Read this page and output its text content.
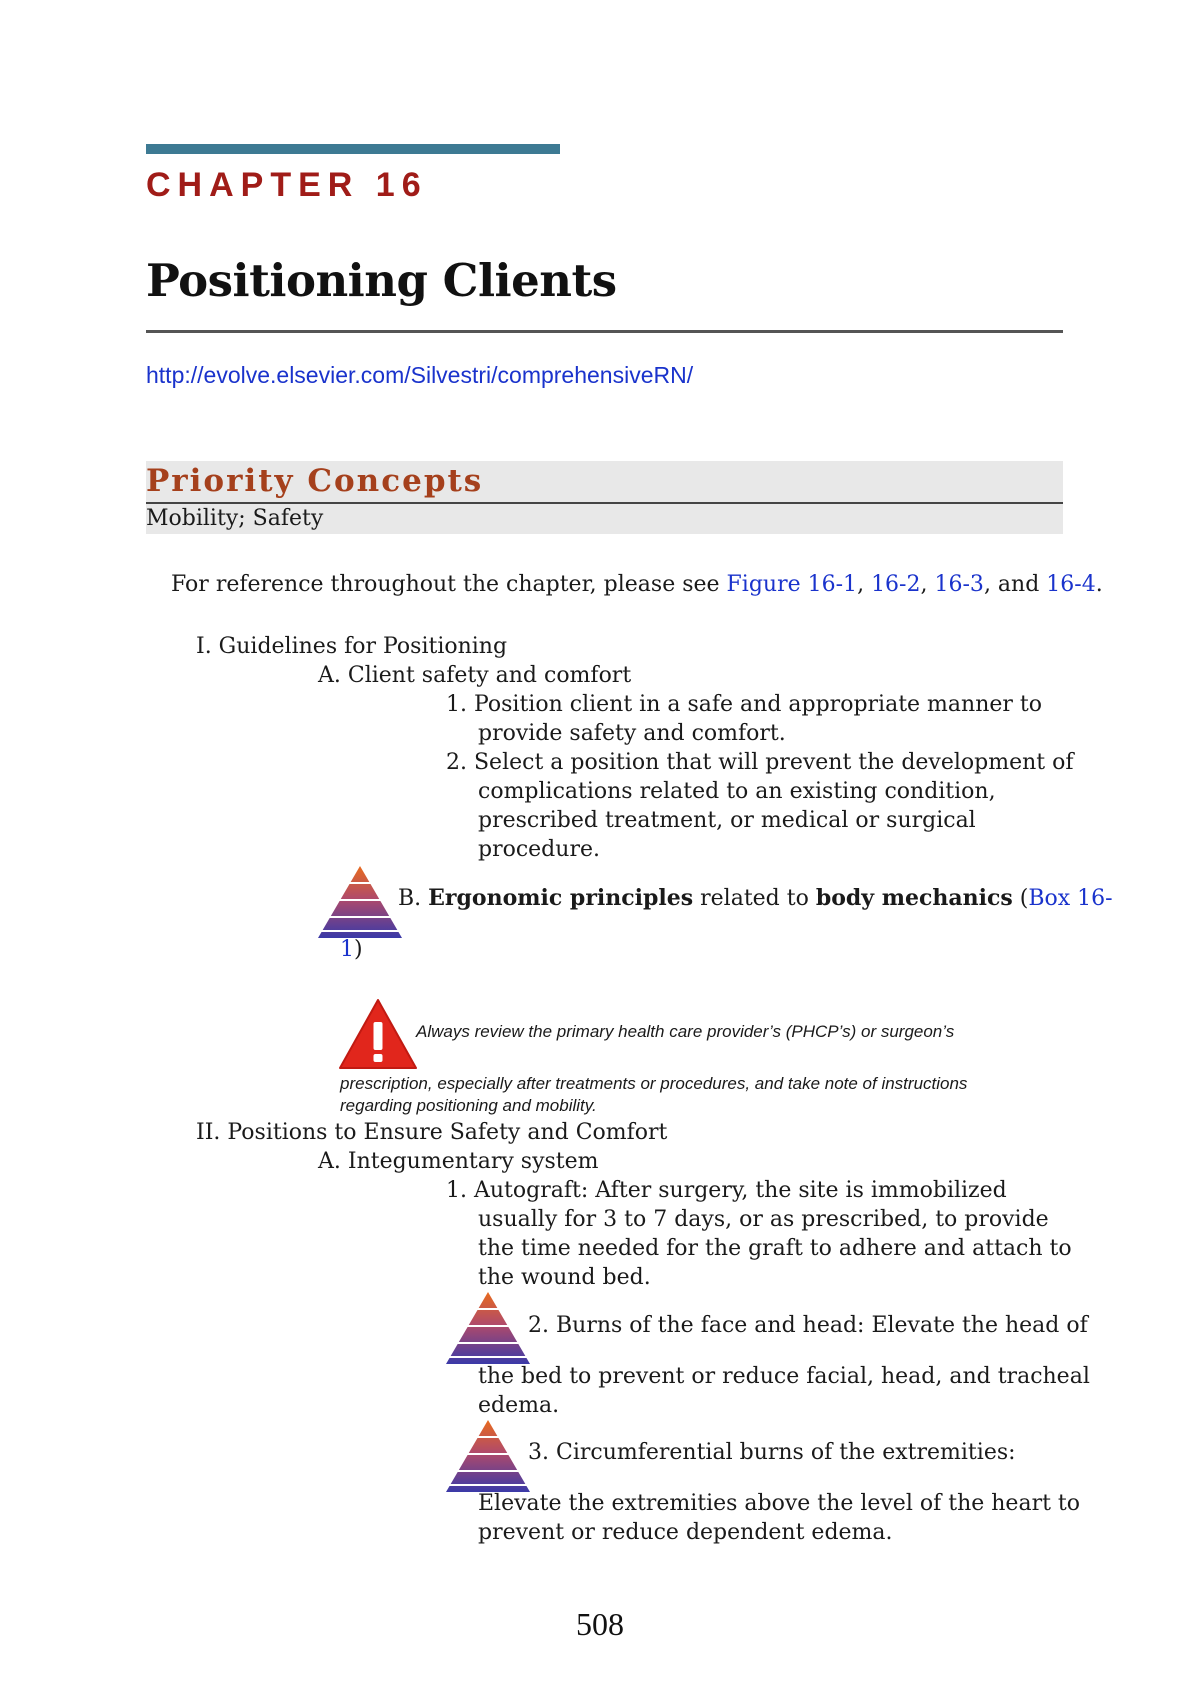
CHAPTER 16
Positioning Clients
http://evolve.elsevier.com/Silvestri/comprehensiveRN/
Priority Concepts
Mobility; Safety
For reference throughout the chapter, please see Figure 16-1, 16-2, 16-3, and 16-4.
I. Guidelines for Positioning
A. Client safety and comfort
1. Position client in a safe and appropriate manner to
provide safety and comfort.
2. Select a position that will prevent the development of
complications related to an existing condition,
prescribed treatment, or medical or surgical
procedure.
B. Ergonomic principles related to body mechanics (Box 16-
1)
Always review the primary health care provider’s (PHCP’s) or surgeon’s
prescription, especially after treatments or procedures, and take note of instructions
regarding positioning and mobility.
II. Positions to Ensure Safety and Comfort
A. Integumentary system
1. Autograft: After surgery, the site is immobilized
usually for 3 to 7 days, or as prescribed, to provide
the time needed for the graft to adhere and attach to
the wound bed.
2. Burns of the face and head: Elevate the head of
the bed to prevent or reduce facial, head, and tracheal
edema.
3. Circumferential burns of the extremities:
Elevate the extremities above the level of the heart to
prevent or reduce dependent edema.
508
